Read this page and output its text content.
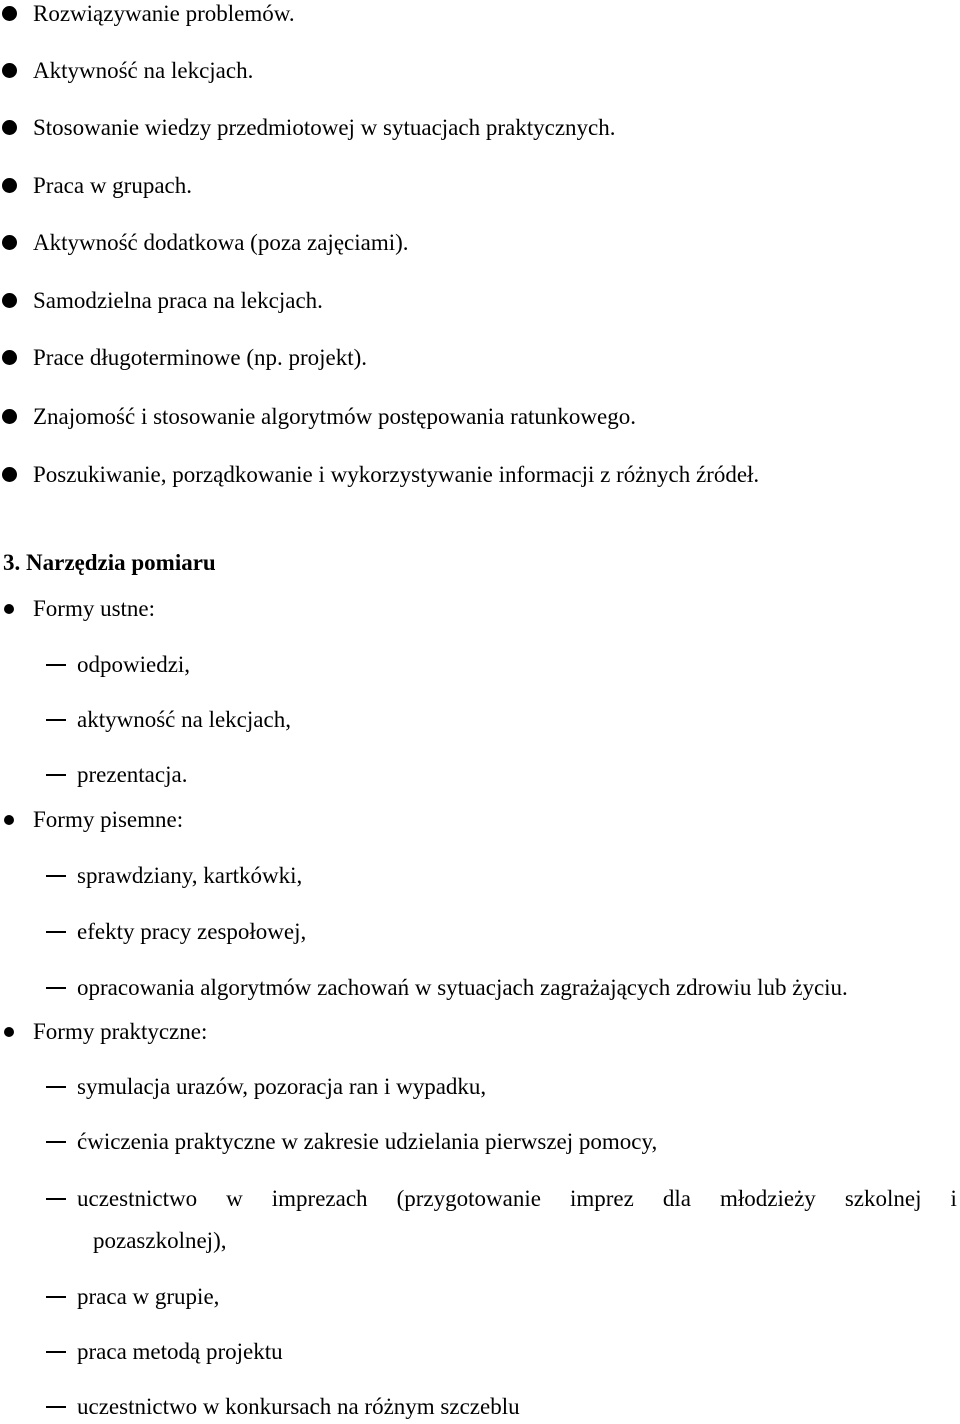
Rozwiązywanie problemów.
Aktywność na lekcjach.
Stosowanie wiedzy przedmiotowej w sytuacjach praktycznych.
Praca w grupach.
Aktywność dodatkowa (poza zajęciami).
Samodzielna praca na lekcjach.
Prace długoterminowe (np. projekt).
Znajomość i stosowanie algorytmów postępowania ratunkowego.
Poszukiwanie, porządkowanie i wykorzystywanie informacji z różnych źródeł.
3. Narzędzia pomiaru
Formy ustne:
odpowiedzi,
aktywność na lekcjach,
prezentacja.
Formy pisemne:
sprawdziany, kartkówki,
efekty pracy zespołowej,
opracowania algorytmów zachowań w sytuacjach zagrażających zdrowiu lub życiu.
Formy praktyczne:
symulacja urazów, pozoracja ran i wypadku,
ćwiczenia praktyczne w zakresie udzielania pierwszej pomocy,
uczestnictwo w imprezach (przygotowanie imprez dla młodzieży szkolnej i
pozaszkolnej),
praca w grupie,
praca metodą projektu
uczestnictwo w konkursach na różnym szczeblu
